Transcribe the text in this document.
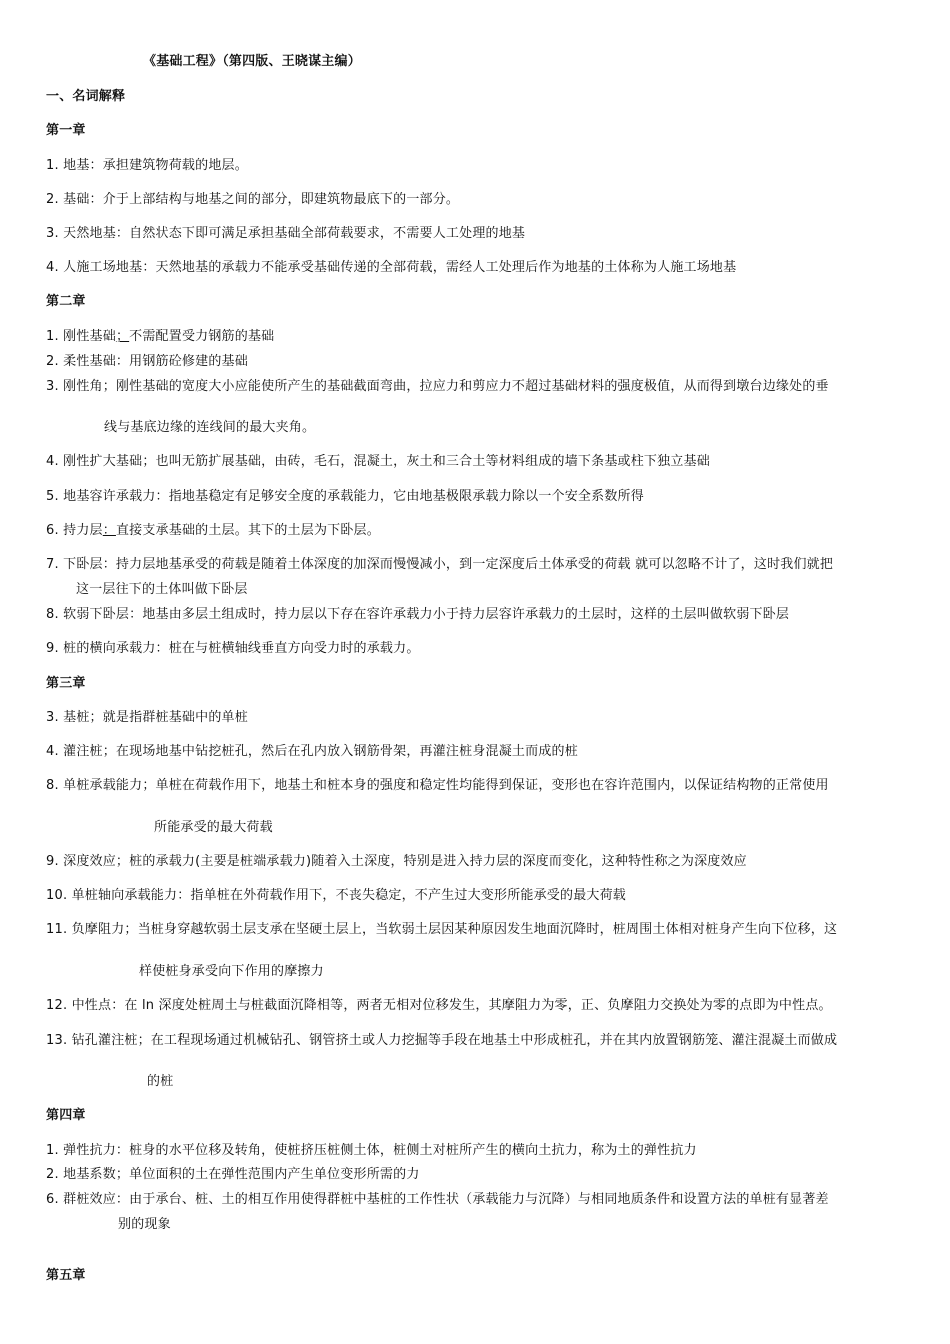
《基础工程》（第四版、王晓谋主编）
一、名词解释
第一章
1. 地基：承担建筑物荷载的地层。
2. 基础：介于上部结构与地基之间的部分，即建筑物最底下的一部分。
3. 天然地基：自然状态下即可满足承担基础全部荷载要求，不需要人工处理的地基
4. 人施工场地基：天然地基的承载力不能承受基础传递的全部荷载，需经人工处理后作为地基的土体称为人施工场地基
第二章
1. 刚性基础；不需配置受力钢筋的基础
2. 柔性基础：用钢筋砼修建的基础
3. 刚性角；刚性基础的宽度大小应能使所产生的基础截面弯曲，拉应力和剪应力不超过基础材料的强度极值，从而得到墩台边缘处的垂
线与基底边缘的连线间的最大夹角。
4. 刚性扩大基础；也叫无筋扩展基础，由砖，毛石，混凝土，灰土和三合土等材料组成的墙下条基或柱下独立基础
5. 地基容许承载力：指地基稳定有足够安全度的承载能力，它由地基极限承载力除以一个安全系数所得
6. 持力层：直接支承基础的土层。其下的土层为下卧层。
7. 下卧层：持力层地基承受的荷载是随着土体深度的加深而慢慢减小，到一定深度后土体承受的荷载 就可以忽略不计了，这时我们就把
这一层往下的土体叫做下卧层
8. 软弱下卧层：地基由多层土组成时，持力层以下存在容许承载力小于持力层容许承载力的土层时，这样的土层叫做软弱下卧层
9. 桩的横向承载力：桩在与桩横轴线垂直方向受力时的承载力。
第三章
3. 基桩；就是指群桩基础中的单桩
4. 灌注桩；在现场地基中钻挖桩孔，然后在孔内放入钢筋骨架，再灌注桩身混凝土而成的桩
8. 单桩承载能力；单桩在荷载作用下，地基土和桩本身的强度和稳定性均能得到保证，变形也在容许范围内，以保证结构物的正常使用
所能承受的最大荷载
9. 深度效应；桩的承载力(主要是桩端承载力)随着入土深度，特别是进入持力层的深度而变化，这种特性称之为深度效应
10. 单桩轴向承载能力：指单桩在外荷载作用下，不丧失稳定，不产生过大变形所能承受的最大荷载
11. 负摩阻力；当桩身穿越软弱土层支承在坚硬土层上，当软弱土层因某种原因发生地面沉降时，桩周围土体相对桩身产生向下位移，这
样使桩身承受向下作用的摩擦力
12. 中性点：在 ln 深度处桩周土与桩截面沉降相等，两者无相对位移发生，其摩阻力为零，正、负摩阻力交换处为零的点即为中性点。
13. 钻孔灌注桩；在工程现场通过机械钻孔、钢管挤土或人力挖掘等手段在地基土中形成桩孔，并在其内放置钢筋笼、灌注混凝土而做成
的桩
第四章
1. 弹性抗力：桩身的水平位移及转角，使桩挤压桩侧土体，桩侧土对桩所产生的横向土抗力，称为土的弹性抗力
2. 地基系数；单位面积的土在弹性范围内产生单位变形所需的力
6. 群桩效应：由于承台、桩、土的相互作用使得群桩中基桩的工作性状（承载能力与沉降）与相同地质条件和设置方法的单桩有显著差
别的现象
第五章
